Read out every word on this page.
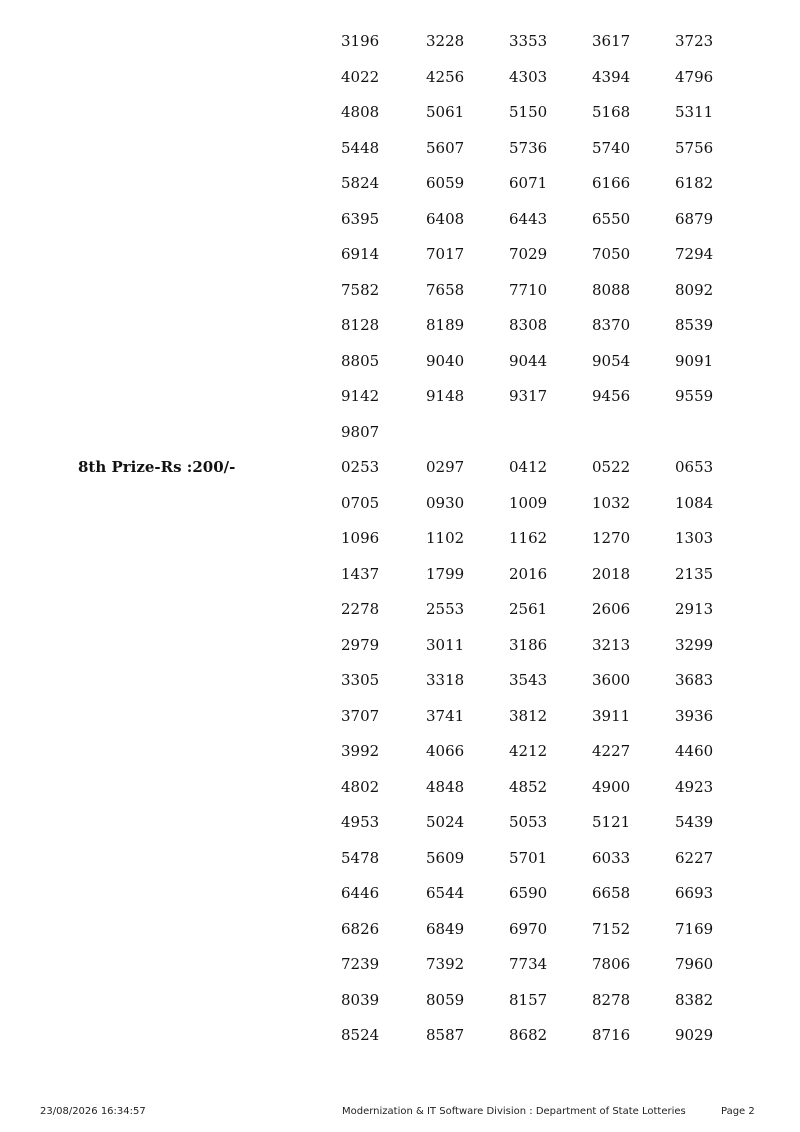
3196	3228	3353	3617	3723
4022	4256	4303	4394	4796
4808	5061	5150	5168	5311
5448	5607	5736	5740	5756
5824	6059	6071	6166	6182
6395	6408	6443	6550	6879
6914	7017	7029	7050	7294
7582	7658	7710	8088	8092
8128	8189	8308	8370	8539
8805	9040	9044	9054	9091
9142	9148	9317	9456	9559
9807
8th Prize-Rs :200/-	0253	0297	0412	0522	0653
0705	0930	1009	1032	1084
1096	1102	1162	1270	1303
1437	1799	2016	2018	2135
2278	2553	2561	2606	2913
2979	3011	3186	3213	3299
3305	3318	3543	3600	3683
3707	3741	3812	3911	3936
3992	4066	4212	4227	4460
4802	4848	4852	4900	4923
4953	5024	5053	5121	5439
5478	5609	5701	6033	6227
6446	6544	6590	6658	6693
6826	6849	6970	7152	7169
7239	7392	7734	7806	7960
8039	8059	8157	8278	8382
8524	8587	8682	8716	9029
23/08/2026 16:34:57	Modernization & IT Software Division : Department of State Lotteries	Page 2
